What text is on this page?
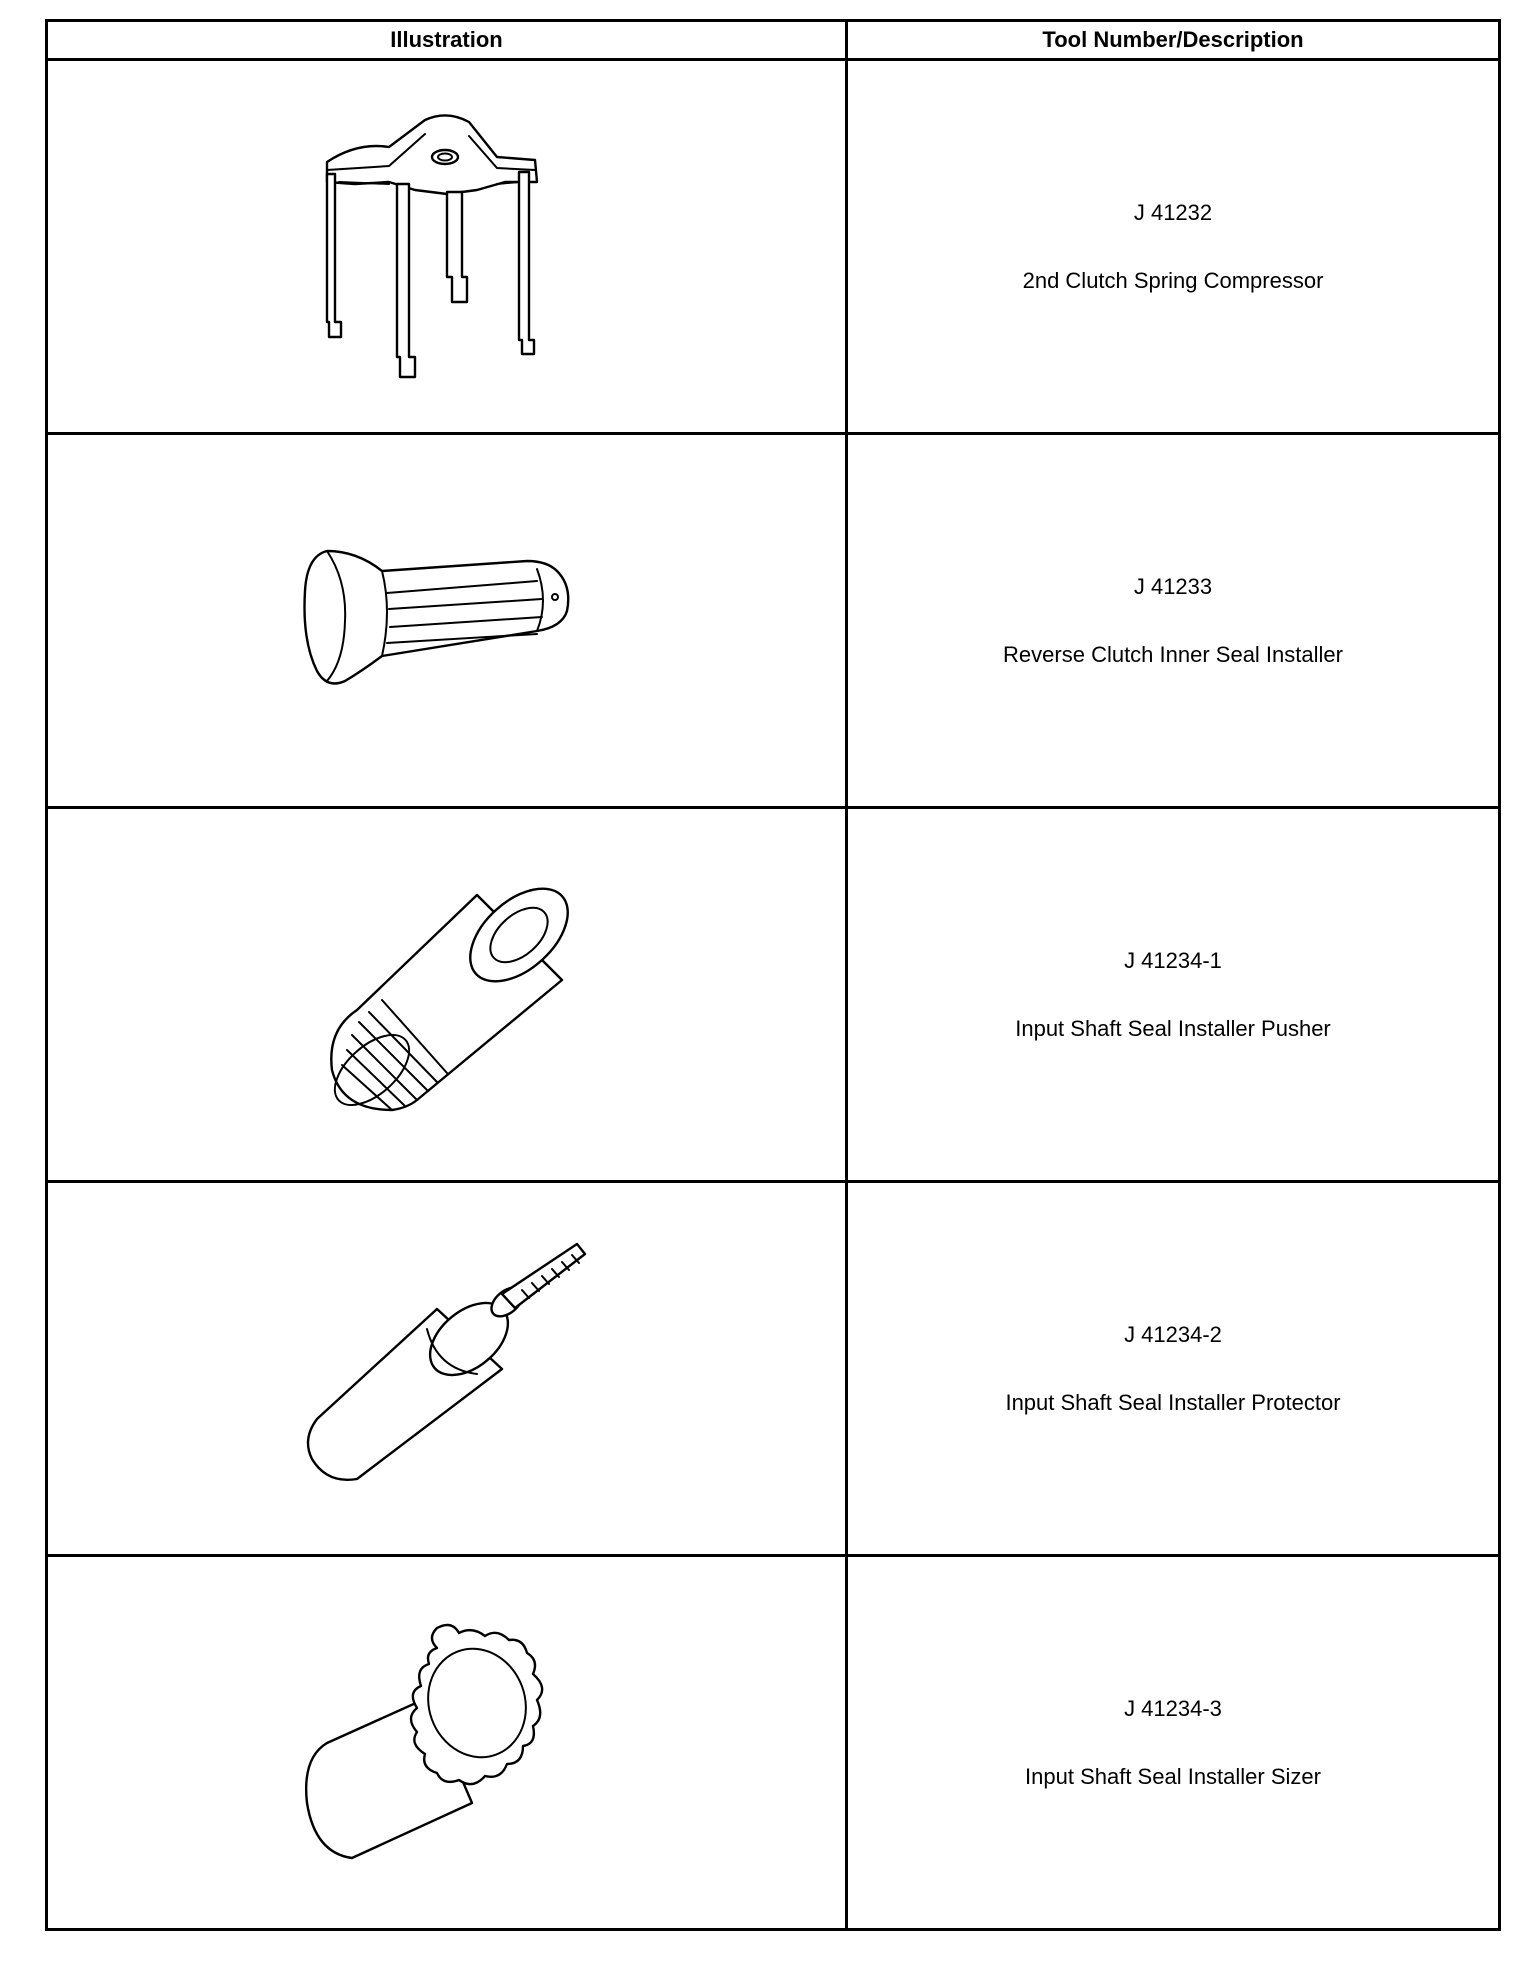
Illustration	Tool Number/Description

J 41232
2nd Clutch Spring Compressor

J 41233
Reverse Clutch Inner Seal Installer

J 41234-1
Input Shaft Seal Installer Pusher

J 41234-2
Input Shaft Seal Installer Protector

J 41234-3
Input Shaft Seal Installer Sizer
